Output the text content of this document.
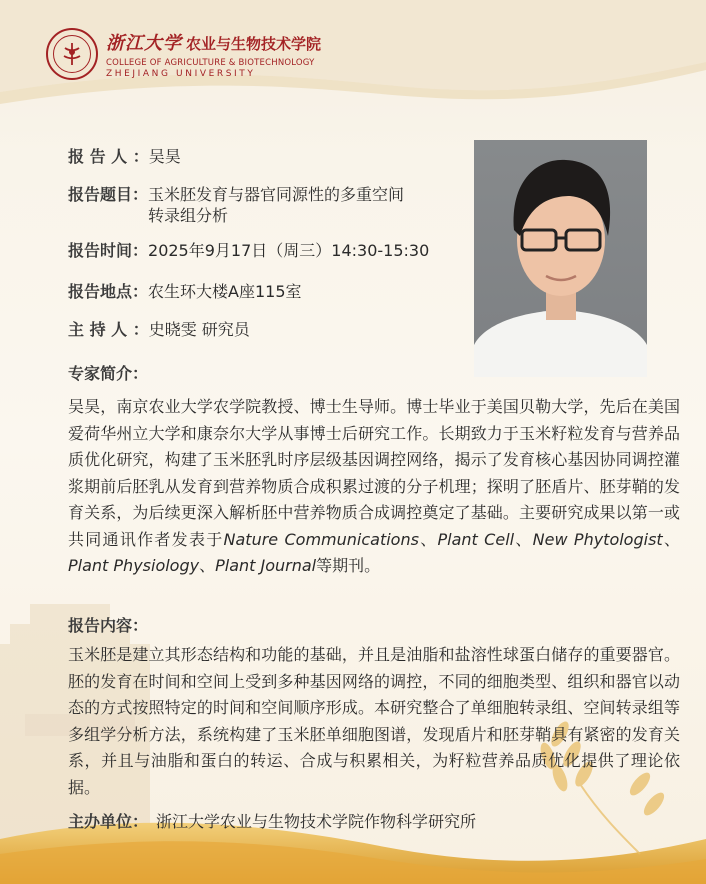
浙江大学 农业与生物技术学院
COLLEGE OF AGRICULTURE & BIOTECHNOLOGY
ZHEJIANG UNIVERSITY
报 告 人 ： 吴昊
报告题目： 玉米胚发育与器官同源性的多重空间
转录组分析
报告时间： 2025年9月17日（周三）14:30-15:30
报告地点： 农生环大楼A座115室
主 持 人 ： 史晓雯 研究员
专家简介：

吴昊，南京农业大学农学院教授、博士生导师。博士毕业于美国贝勒大学，先后在美国爱荷华州立大学和康奈尔大学从事博士后研究工作。长期致力于玉米籽粒发育与营养品质优化研究，构建了玉米胚乳时序层级基因调控网络，揭示了发育核心基因协同调控灌浆期前后胚乳从发育到营养物质合成积累过渡的分子机理；探明了胚盾片、胚芽鞘的发育关系，为后续更深入解析胚中营养物质合成调控奠定了基础。主要研究成果以第一或共同通讯作者发表于Nature Communications、Plant Cell、New Phytologist、Plant Physiology、Plant Journal等期刊。

报告内容：

玉米胚是建立其形态结构和功能的基础，并且是油脂和盐溶性球蛋白储存的重要器官。胚的发育在时间和空间上受到多种基因网络的调控，不同的细胞类型、组织和器官以动态的方式按照特定的时间和空间顺序形成。本研究整合了单细胞转录组、空间转录组等多组学分析方法，系统构建了玉米胚单细胞图谱，发现盾片和胚芽鞘具有紧密的发育关系，并且与油脂和蛋白的转运、合成与积累相关，为籽粒营养品质优化提供了理论依据。

主办单位： 浙江大学农业与生物技术学院作物科学研究所
